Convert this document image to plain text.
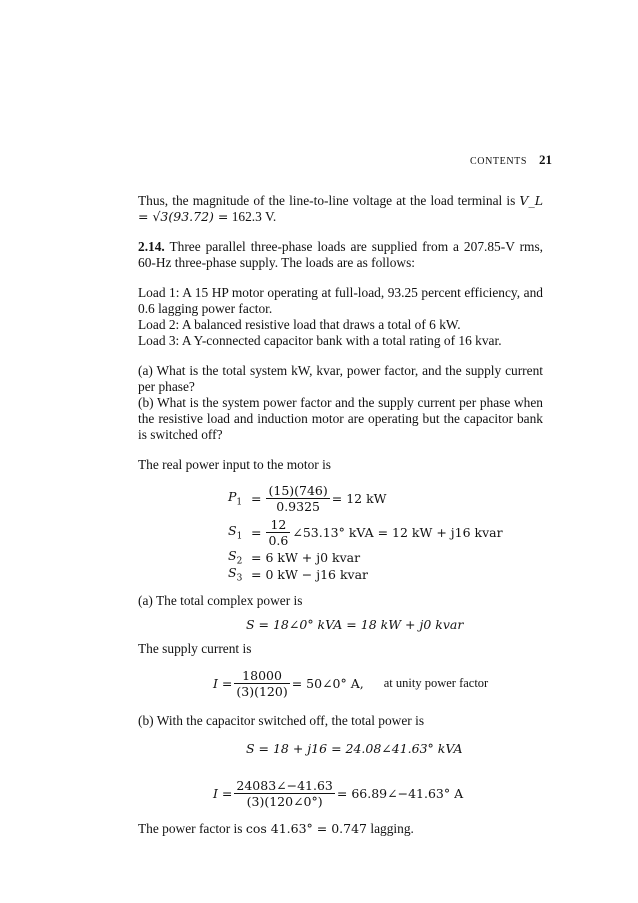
CONTENTS 21

Thus, the magnitude of the line-to-line voltage at the load terminal is V_L = √3(93.72) = 162.3 V.

2.14. Three parallel three-phase loads are supplied from a 207.85-V rms, 60-Hz three-phase supply. The loads are as follows:

Load 1: A 15 HP motor operating at full-load, 93.25 percent efficiency, and 0.6 lagging power factor.

Load 2: A balanced resistive load that draws a total of 6 kW.

Load 3: A Y-connected capacitor bank with a total rating of 16 kvar.

(a) What is the total system kW, kvar, power factor, and the supply current per phase?

(b) What is the system power factor and the supply current per phase when the resistive load and induction motor are operating but the capacitor bank is switched off?

The real power input to the motor is

$P_1 = \frac{(15)(746)}{0.9325} = 12$ kW
$S_1 = \frac{12}{0.6}$ ∠53.13° kVA = 12 kW + j16 kvar
$S_2 = 6$ kW + j0 kvar
$S_3 = 0$ kW − j16 kvar

(a) The total complex power is

S = 18∠0° kVA = 18 kW + j0 kvar

The supply current is

$I = \frac{18000}{(3)(120)}$ = 50∠0° A, at unity power factor

(b) With the capacitor switched off, the total power is

S = 18 + j16 = 24.08∠41.63° kVA
$I = \frac{24083\angle-41.63}{(3)(120\angle 0^\circ)}$ = 66.89∠−41.63° A

The power factor is cos 41.63° = 0.747 lagging.
